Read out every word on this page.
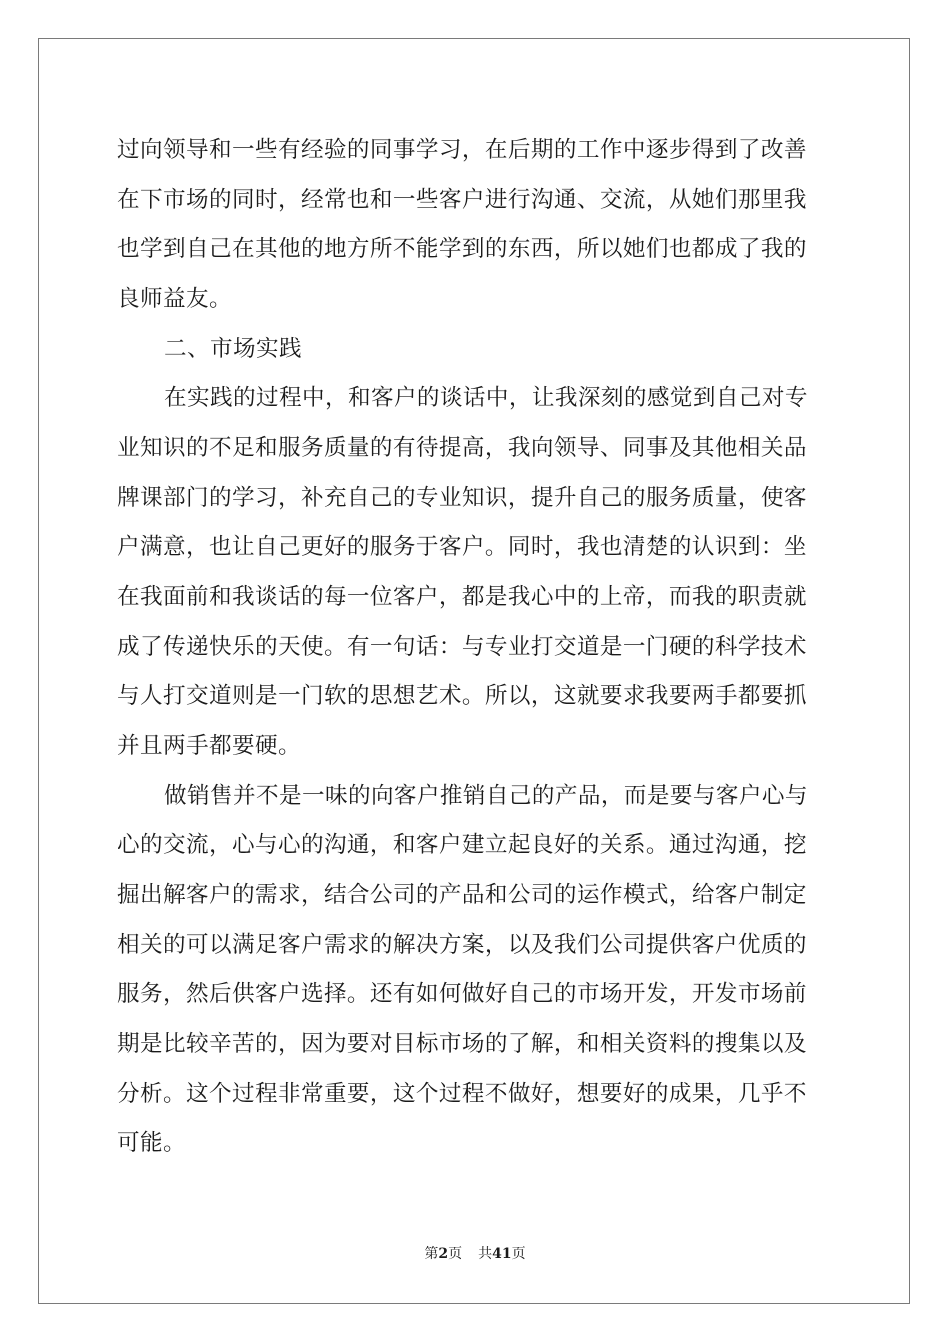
过向领导和一些有经验的同事学习，在后期的工作中逐步得到了改善
在下市场的同时，经常也和一些客户进行沟通、交流，从她们那里我
也学到自己在其他的地方所不能学到的东西，所以她们也都成了我的
良师益友。
二、市场实践
在实践的过程中，和客户的谈话中，让我深刻的感觉到自己对专
业知识的不足和服务质量的有待提高，我向领导、同事及其他相关品
牌课部门的学习，补充自己的专业知识，提升自己的服务质量，使客
户满意，也让自己更好的服务于客户。同时，我也清楚的认识到：坐
在我面前和我谈话的每一位客户，都是我心中的上帝，而我的职责就
成了传递快乐的天使。有一句话：与专业打交道是一门硬的科学技术
与人打交道则是一门软的思想艺术。所以，这就要求我要两手都要抓
并且两手都要硬。
做销售并不是一味的向客户推销自己的产品，而是要与客户心与
心的交流，心与心的沟通，和客户建立起良好的关系。通过沟通，挖
掘出解客户的需求，结合公司的产品和公司的运作模式，给客户制定
相关的可以满足客户需求的解决方案，以及我们公司提供客户优质的
服务，然后供客户选择。还有如何做好自己的市场开发，开发市场前
期是比较辛苦的，因为要对目标市场的了解，和相关资料的搜集以及
分析。这个过程非常重要，这个过程不做好，想要好的成果，几乎不
可能。
第2页 共41页
